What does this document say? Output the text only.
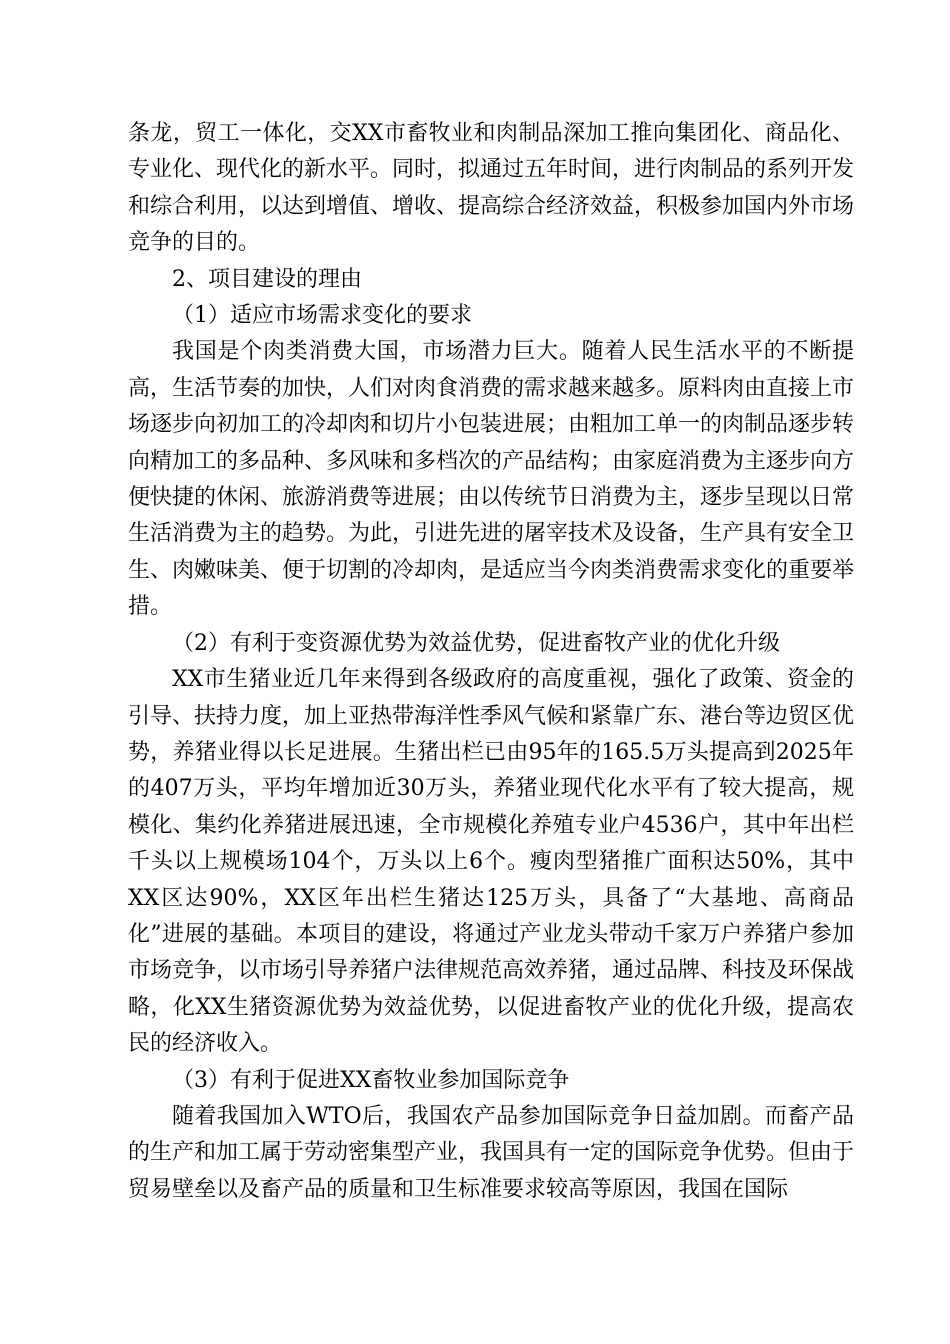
条龙，贸工一体化，交XX市畜牧业和肉制品深加工推向集团化、商品化、专业化、现代化的新水平。同时，拟通过五年时间，进行肉制品的系列开发和综合利用，以达到增值、增收、提高综合经济效益，积极参加国内外市场竞争的目的。

2、项目建设的理由

（1）适应市场需求变化的要求

我国是个肉类消费大国，市场潜力巨大。随着人民生活水平的不断提高，生活节奏的加快，人们对肉食消费的需求越来越多。原料肉由直接上市场逐步向初加工的冷却肉和切片小包装进展；由粗加工单一的肉制品逐步转向精加工的多品种、多风味和多档次的产品结构；由家庭消费为主逐步向方便快捷的休闲、旅游消费等进展；由以传统节日消费为主，逐步呈现以日常生活消费为主的趋势。为此，引进先进的屠宰技术及设备，生产具有安全卫生、肉嫩味美、便于切割的冷却肉，是适应当今肉类消费需求变化的重要举措。

（2）有利于变资源优势为效益优势，促进畜牧产业的优化升级

XX市生猪业近几年来得到各级政府的高度重视，强化了政策、资金的引导、扶持力度，加上亚热带海洋性季风气候和紧靠广东、港台等边贸区优势，养猪业得以长足进展。生猪出栏已由95年的165.5万头提高到2025年的407万头，平均年增加近30万头，养猪业现代化水平有了较大提高，规模化、集约化养猪进展迅速，全市规模化养殖专业户4536户，其中年出栏千头以上规模场104个，万头以上6个。瘦肉型猪推广面积达50%，其中XX区达90%，XX区年出栏生猪达125万头，具备了“大基地、高商品化”进展的基础。本项目的建设，将通过产业龙头带动千家万户养猪户参加市场竞争，以市场引导养猪户法律规范高效养猪，通过品牌、科技及环保战略，化XX生猪资源优势为效益优势，以促进畜牧产业的优化升级，提高农民的经济收入。

（3）有利于促进XX畜牧业参加国际竞争

随着我国加入WTO后，我国农产品参加国际竞争日益加剧。而畜产品的生产和加工属于劳动密集型产业，我国具有一定的国际竞争优势。但由于贸易壁垒以及畜产品的质量和卫生标准要求较高等原因，我国在国际
